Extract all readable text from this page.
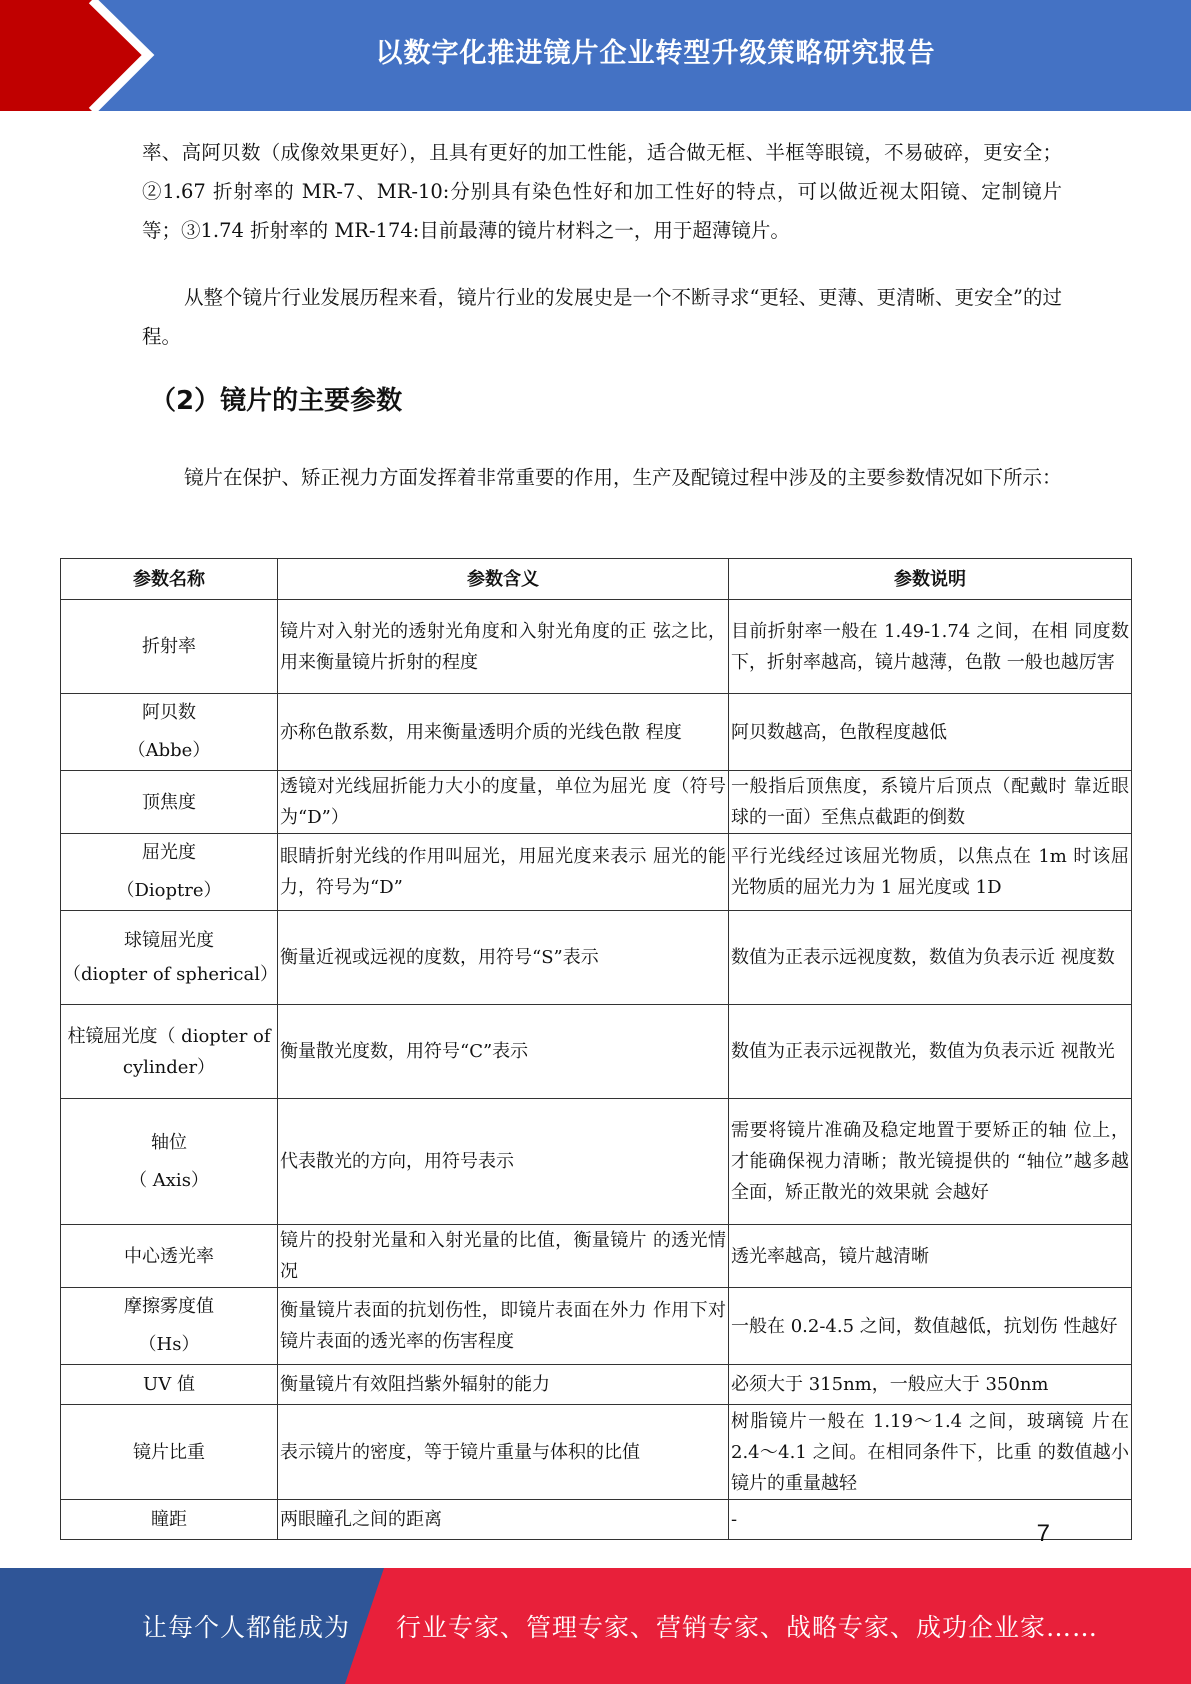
以数字化推进镜片企业转型升级策略研究报告

率、高阿贝数（成像效果更好），且具有更好的加工性能，适合做无框、半框等眼镜，不易破碎，更安全；②1.67 折射率的 MR-7、MR-10:分别具有染色性好和加工性好的特点，可以做近视太阳镜、定制镜片等；③1.74 折射率的 MR-174:目前最薄的镜片材料之一，用于超薄镜片。

从整个镜片行业发展历程来看，镜片行业的发展史是一个不断寻求“更轻、更薄、更清晰、更安全”的过程。

（2）镜片的主要参数

镜片在保护、矫正视力方面发挥着非常重要的作用，生产及配镜过程中涉及的主要参数情况如下所示：

参数名称	参数含义	参数说明
折射率	镜片对入射光的透射光角度和入射光角度的正 弦之比，用来衡量镜片折射的程度	目前折射率一般在 1.49-1.74 之间，在相 同度数下，折射率越高，镜片越薄，色散 一般也越厉害
阿贝数
（Abbe）	亦称色散系数，用来衡量透明介质的光线色散 程度	阿贝数越高，色散程度越低
顶焦度	透镜对光线屈折能力大小的度量，单位为屈光 度（符号为“D”）	一般指后顶焦度，系镜片后顶点（配戴时 靠近眼球的一面）至焦点截距的倒数
屈光度
（Dioptre）	眼睛折射光线的作用叫屈光，用屈光度来表示 屈光的能力，符号为“D”	平行光线经过该屈光物质，以焦点在 1m 时该屈光物质的屈光力为 1 屈光度或 1D
球镜屈光度
（diopter of spherical）	衡量近视或远视的度数，用符号“S”表示	数值为正表示远视度数，数值为负表示近 视度数
柱镜屈光度（ diopter of cylinder）	衡量散光度数，用符号“C”表示	数值为正表示远视散光，数值为负表示近 视散光
轴位
（ Axis）	代表散光的方向，用符号表示	需要将镜片准确及稳定地置于要矫正的轴 位上，才能确保视力清晰；散光镜提供的 “轴位”越多越全面，矫正散光的效果就 会越好
中心透光率	镜片的投射光量和入射光量的比值，衡量镜片 的透光情况	透光率越高，镜片越清晰
摩擦雾度值
（Hs）	衡量镜片表面的抗划伤性，即镜片表面在外力 作用下对镜片表面的透光率的伤害程度	一般在 0.2-4.5 之间，数值越低，抗划伤 性越好
UV 值	衡量镜片有效阻挡紫外辐射的能力	必须大于 315nm，一般应大于 350nm
镜片比重	表示镜片的密度，等于镜片重量与体积的比值	树脂镜片一般在 1.19～1.4 之间，玻璃镜 片在 2.4～4.1 之间。在相同条件下，比重 的数值越小镜片的重量越轻
瞳距	两眼瞳孔之间的距离	-
7
让每个人都能成为 行业专家、管理专家、营销专家、战略专家、成功企业家……
